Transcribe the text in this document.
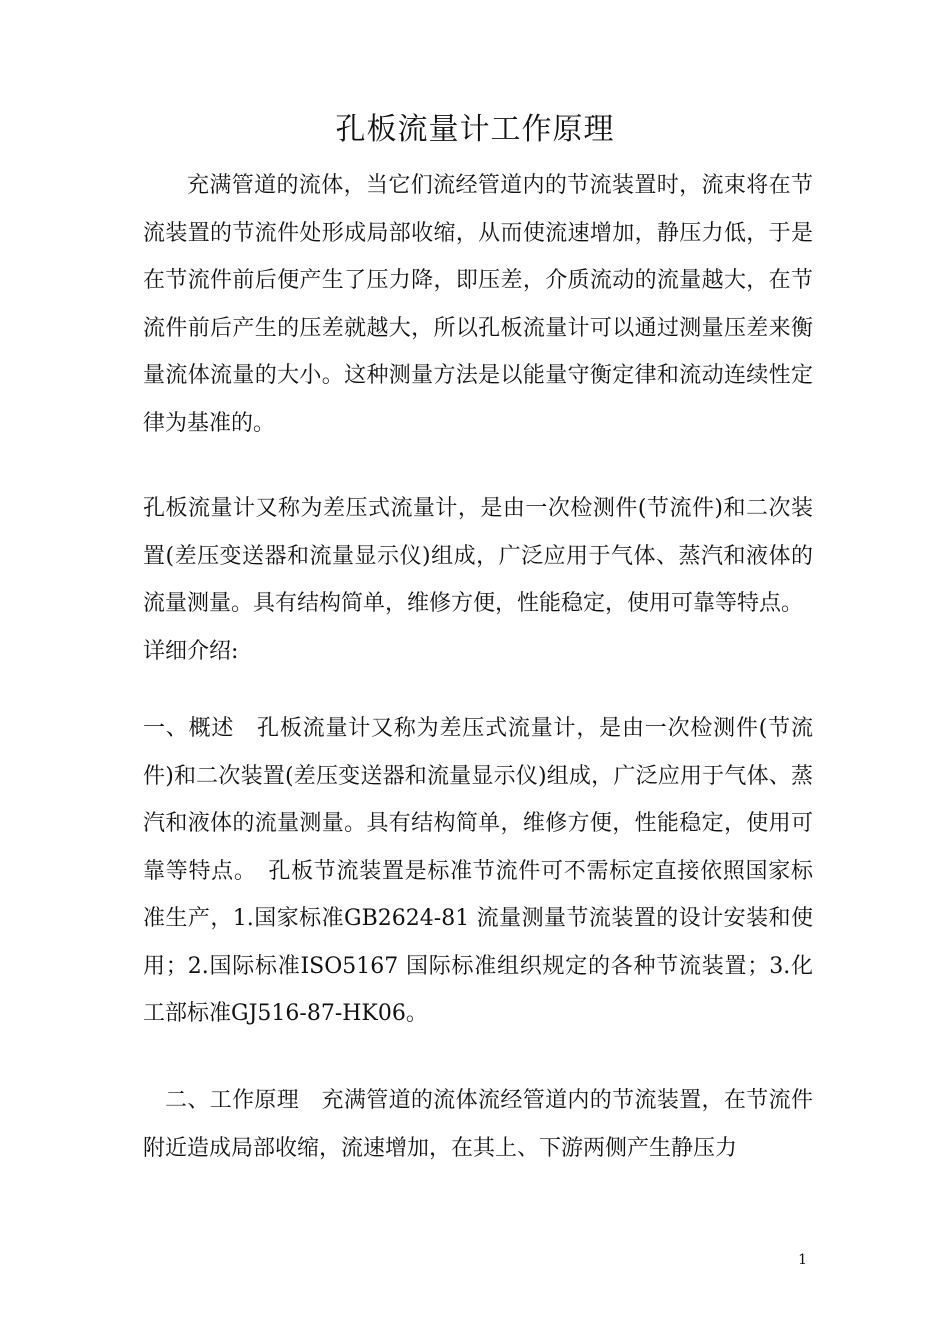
孔板流量计工作原理

充满管道的流体，当它们流经管道内的节流装置时，流束将在节流装置的节流件处形成局部收缩，从而使流速增加，静压力低，于是在节流件前后便产生了压力降，即压差，介质流动的流量越大，在节流件前后产生的压差就越大，所以孔板流量计可以通过测量压差来衡量流体流量的大小。这种测量方法是以能量守衡定律和流动连续性定律为基准的。

孔板流量计又称为差压式流量计，是由一次检测件(节流件)和二次装置(差压变送器和流量显示仪)组成，广泛应用于气体、蒸汽和液体的流量测量。具有结构简单，维修方便，性能稳定，使用可靠等特点。

详细介绍:

一、概述　孔板流量计又称为差压式流量计，是由一次检测件(节流件)和二次装置(差压变送器和流量显示仪)组成，广泛应用于气体、蒸汽和液体的流量测量。具有结构简单，维修方便，性能稳定，使用可靠等特点。　孔板节流装置是标准节流件可不需标定直接依照国家标准生产，1.国家标准GB2624-81 流量测量节流装置的设计安装和使用；2.国际标准ISO5167 国际标准组织规定的各种节流装置；3.化工部标准GJ516-87-HK06。

二、工作原理　充满管道的流体流经管道内的节流装置，在节流件附近造成局部收缩，流速增加，在其上、下游两侧产生静压力

1
